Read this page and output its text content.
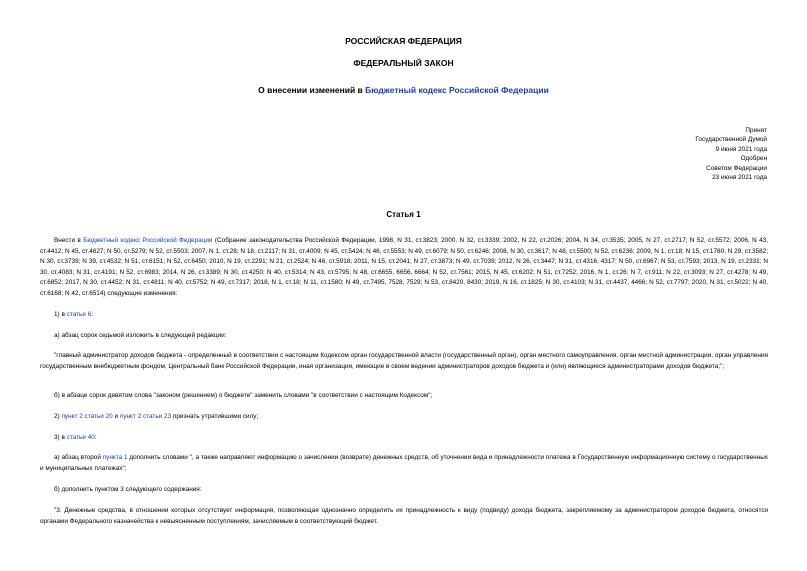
РОССИЙСКАЯ ФЕДЕРАЦИЯ
ФЕДЕРАЛЬНЫЙ ЗАКОН
О внесении изменений в Бюджетный кодекс Российской Федерации
Принят
Государственной Думой
9 июня 2021 года
Одобрен
Советом Федерации
23 июня 2021 года
Статья 1
Внести в Бюджетный кодекс Российской Федерации (Собрание законодательства Российской Федерации, 1998, N 31, ст.3823; 2000, N 32, ст.3339; 2002, N 22, ст.2026; 2004, N 34, ст.3535; 2005, N 27, ст.2717; N 52, ст.5572; 2006, N 43, ст.4412; N 45, ст.4627; N 50, ст.5279; N 52, ст.5503; 2007, N 1, ст.28; N 18, ст.2117; N 31, ст.4009; N 45, ст.5424; N 46, ст.5553; N 49, ст.6079; N 50, ст.6246; 2008, N 30, ст.3617; N 48, ст.5500; N 52, ст.6236; 2009, N 1, ст.18; N 15, ст.1780; N 29, ст.3582; N 30, ст.3739; N 39, ст.4532; N 51, ст.6151; N 52, ст.6450; 2010, N 19, ст.2291; N 21, ст.2524; N 46, ст.5918; 2011, N 15, ст.2041; N 27, ст.3873; N 49, ст.7039; 2012, N 26, ст.3447; N 31, ст.4316, 4317; N 50, ст.6967; N 53, ст.7593; 2013, N 19, ст.2331; N 30, ст.4083; N 31, ст.4191; N 52, ст.6983; 2014, N 26, ст.3389; N 30, ст.4250; N 40, ст.5314; N 43, ст.5795; N 48, ст.6655, 6656, 6664; N 52, ст.7561; 2015, N 45, ст.6202; N 51, ст.7252; 2016, N 1, ст.26; N 7, ст.911; N 22, ст.3093; N 27, ст.4278; N 49, ст.6852; 2017, N 30, ст.4452; N 31, ст.4811; N 40, ст.5752; N 49, ст.7317; 2018, N 1, ст.18; N 11, ст.1580; N 49, ст.7495, 7528, 7529; N 53, ст.8420, 8430; 2019, N 16, ст.1825; N 30, ст.4103; N 31, ст.4437, 4466; N 52, ст.7797; 2020, N 31, ст.5022; N 40, ст.6168; N 42, ст.6514) следующие изменения:
1) в статье 6:
а) абзац сорок седьмой изложить в следующей редакции:
"главный администратор доходов бюджета - определенный в соответствии с настоящим Кодексом орган государственной власти (государственный орган), орган местного самоуправления, орган местной администрации, орган управления государственным внебюджетным фондом, Центральный банк Российской Федерации, иная организация, имеющие в своем ведении администраторов доходов бюджета и (или) являющиеся администраторами доходов бюджета;";
б) в абзаце сорок девятом слова "законом (решением) о бюджете" заменить словами "в соответствии с настоящим Кодексом";
2) пункт 2 статьи 20 и пункт 2 статьи 23 признать утратившими силу;
3) в статье 40:
а) абзац второй пункта 1 дополнить словами ", а также направляют информацию о зачислении (возврате) денежных средств, об уточнении вида и принадлежности платежа в Государственную информационную систему о государственных и муниципальных платежах";
б) дополнить пунктом 3 следующего содержания:
"3. Денежные средства, в отношении которых отсутствует информация, позволяющая однозначно определить их принадлежность к виду (подвиду) дохода бюджета, закрепляемому за администратором доходов бюджета, относятся органами Федерального казначейства к невыясненным поступлениям, зачисляемым в соответствующий бюджет.
